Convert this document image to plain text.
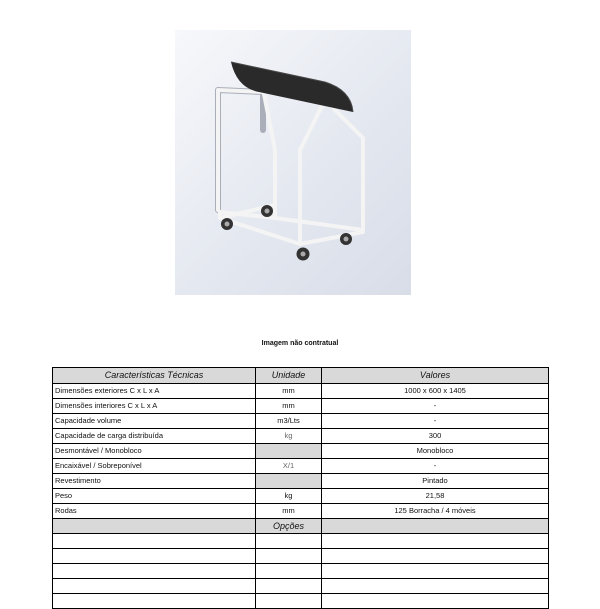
Imagem não contratual
Características Técnicas	Unidade	Valores
Dimensões exteriores C x L x A	mm	1000 x 600 x 1405
Dimensões interiores C x L x A	mm	-
Capacidade volume	m3/Lts	-
Capacidade de carga distribuída	kg	300
Desmontável / Monobloco		Monobloco
Encaixável / Sobreponível	X/1	-
Revestimento		Pintado
Peso	kg	21,58
Rodas	mm	125 Borracha / 4 móveis
	Opções	
